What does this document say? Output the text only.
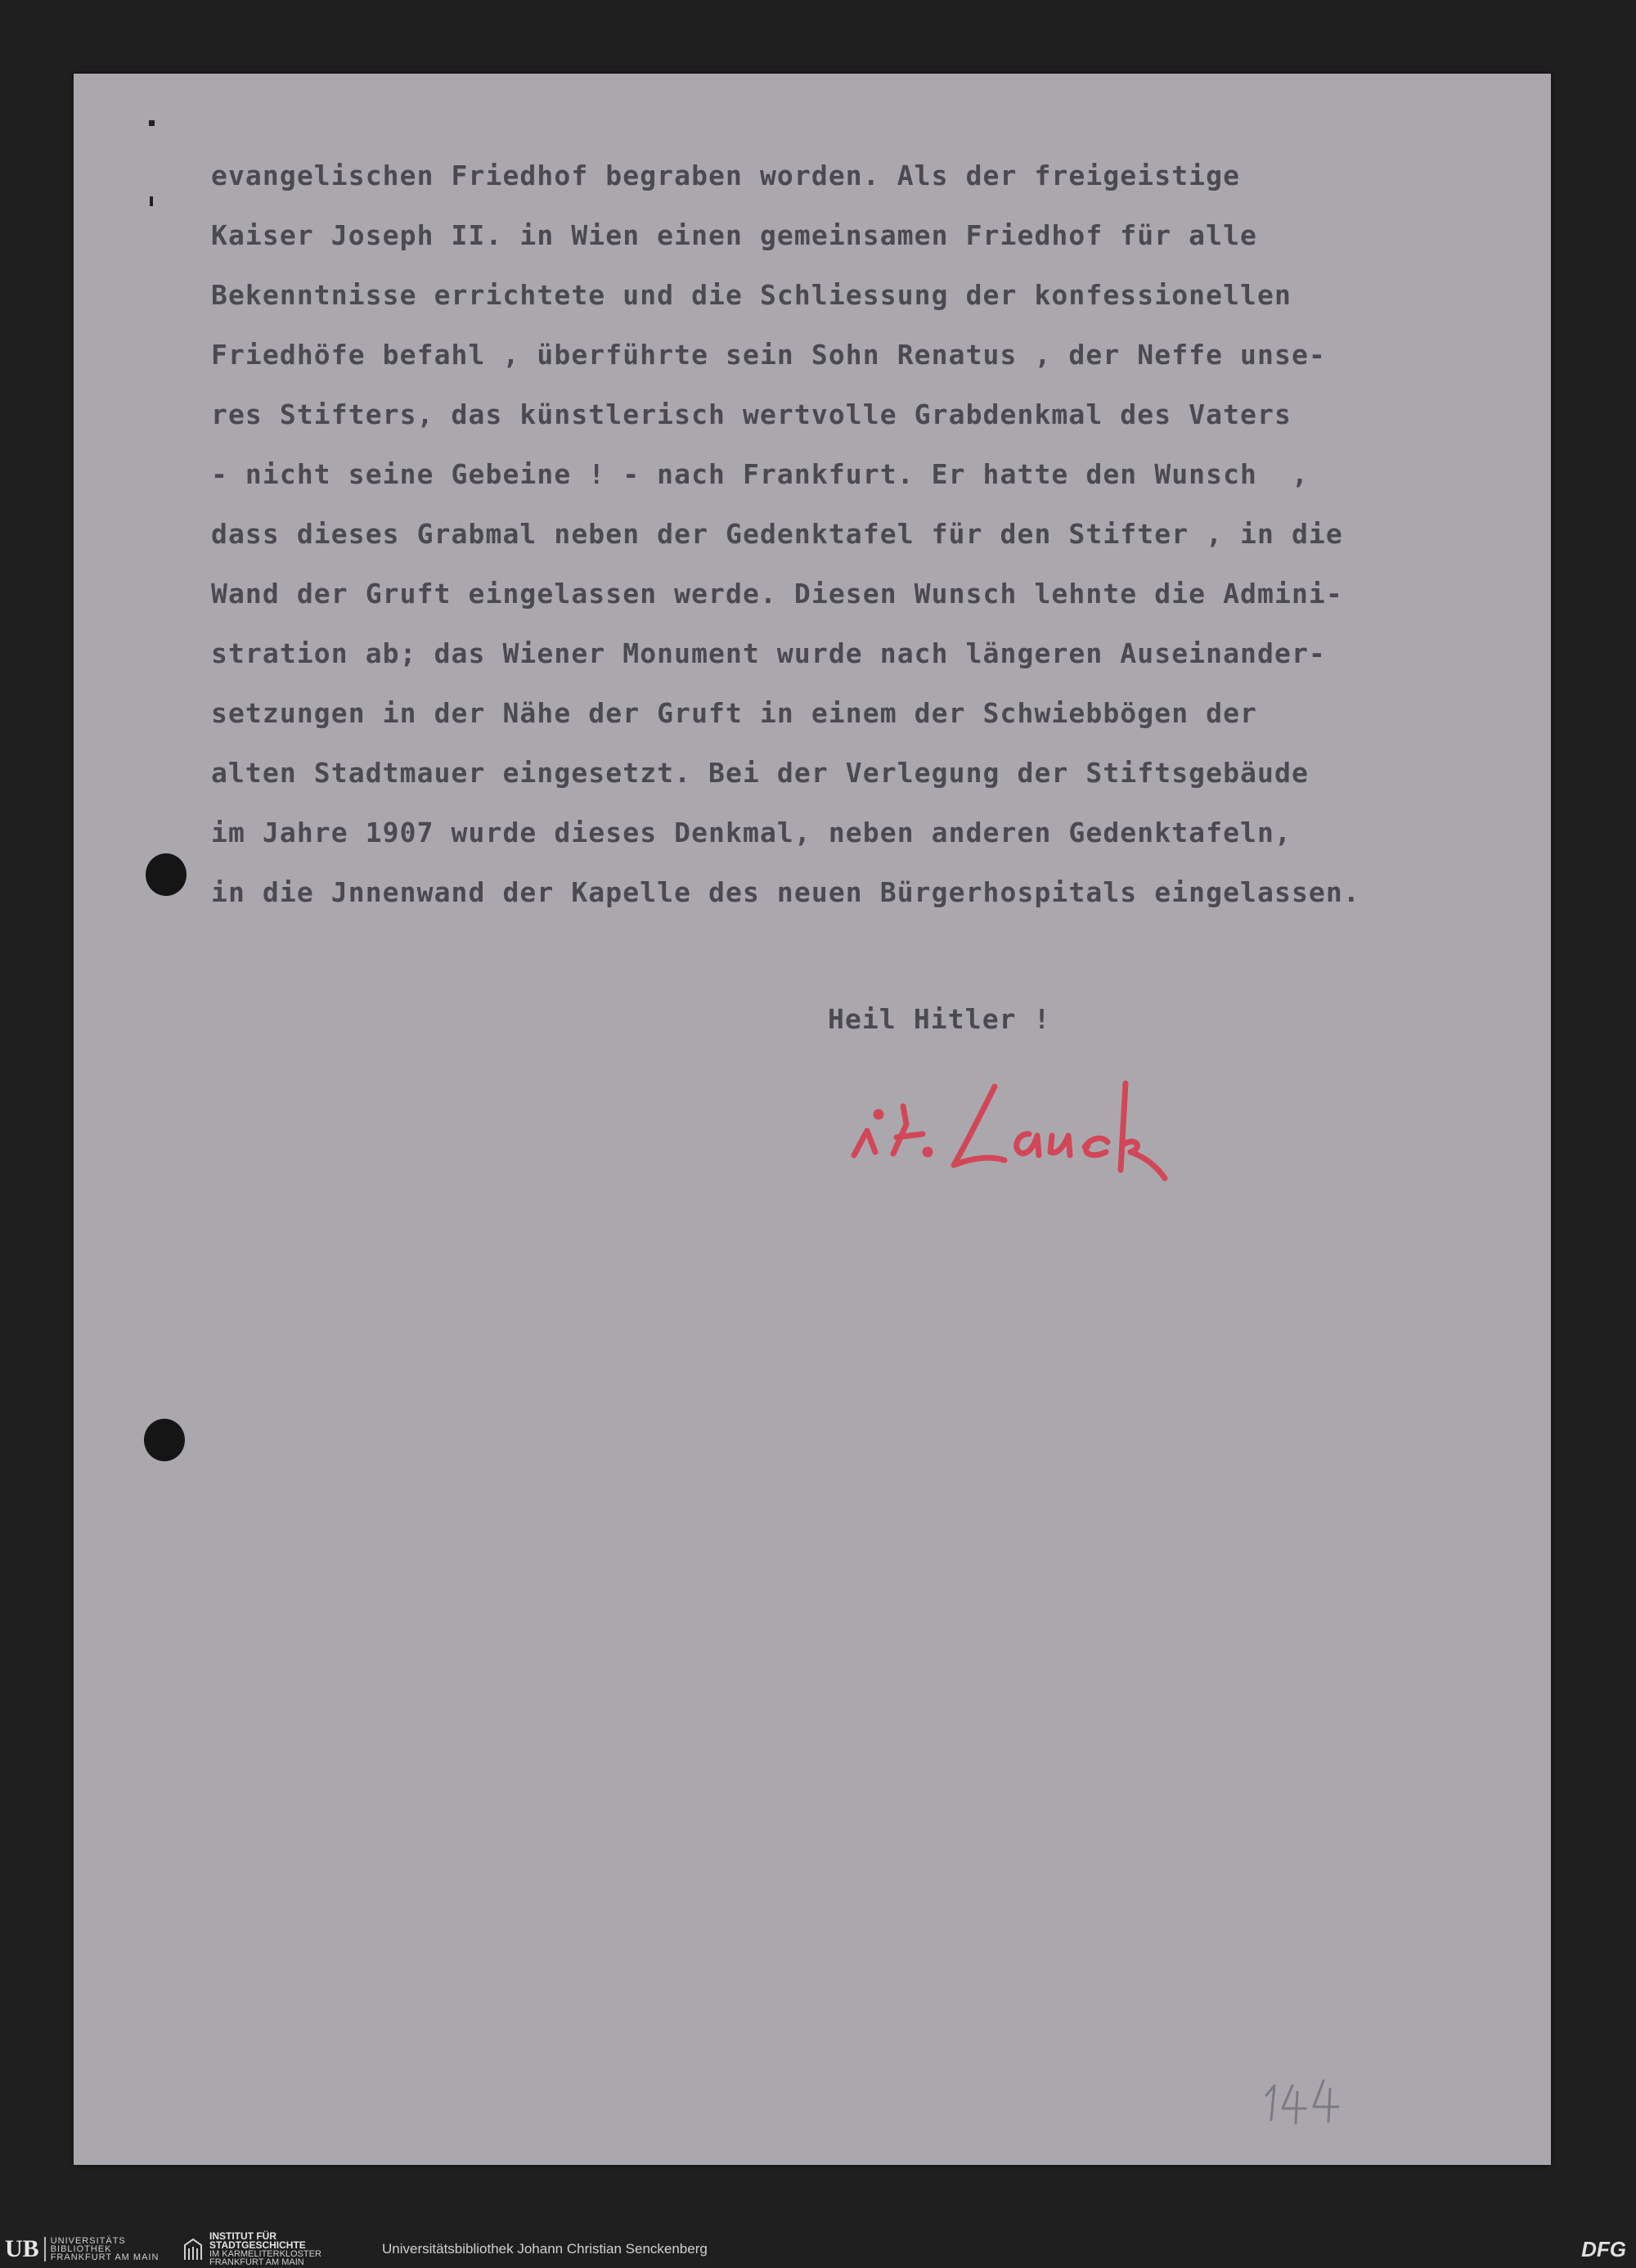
evangelischen Friedhof begraben worden. Als der freigeistige
Kaiser Joseph II. in Wien einen gemeinsamen Friedhof für alle
Bekenntnisse errichtete und die Schliessung der konfessionellen
Friedhöfe befahl , überführte sein Sohn Renatus , der Neffe unse-
res Stifters, das künstlerisch wertvolle Grabdenkmal des Vaters
- nicht seine Gebeine ! - nach Frankfurt. Er hatte den Wunsch  ,
dass dieses Grabmal neben der Gedenktafel für den Stifter , in die
Wand der Gruft eingelassen werde. Diesen Wunsch lehnte die Admini-
stration ab; das Wiener Monument wurde nach längeren Auseinander-
setzungen in der Nähe der Gruft in einem der Schwiebbögen der
alten Stadtmauer eingesetzt. Bei der Verlegung der Stiftsgebäude
im Jahre 1907 wurde dieses Denkmal, neben anderen Gedenktafeln,
in die Jnnenwand der Kapelle des neuen Bürgerhospitals eingelassen.
Heil Hitler !
UB	UNIVERSITÄTS
BIBLIOTHEK
FRANKFURT AM MAIN
INSTITUT FÜR
STADTGESCHICHTE
IM KARMELITERKLOSTER
FRANKFURT AM MAIN
Universitätsbibliothek Johann Christian Senckenberg	DFG
